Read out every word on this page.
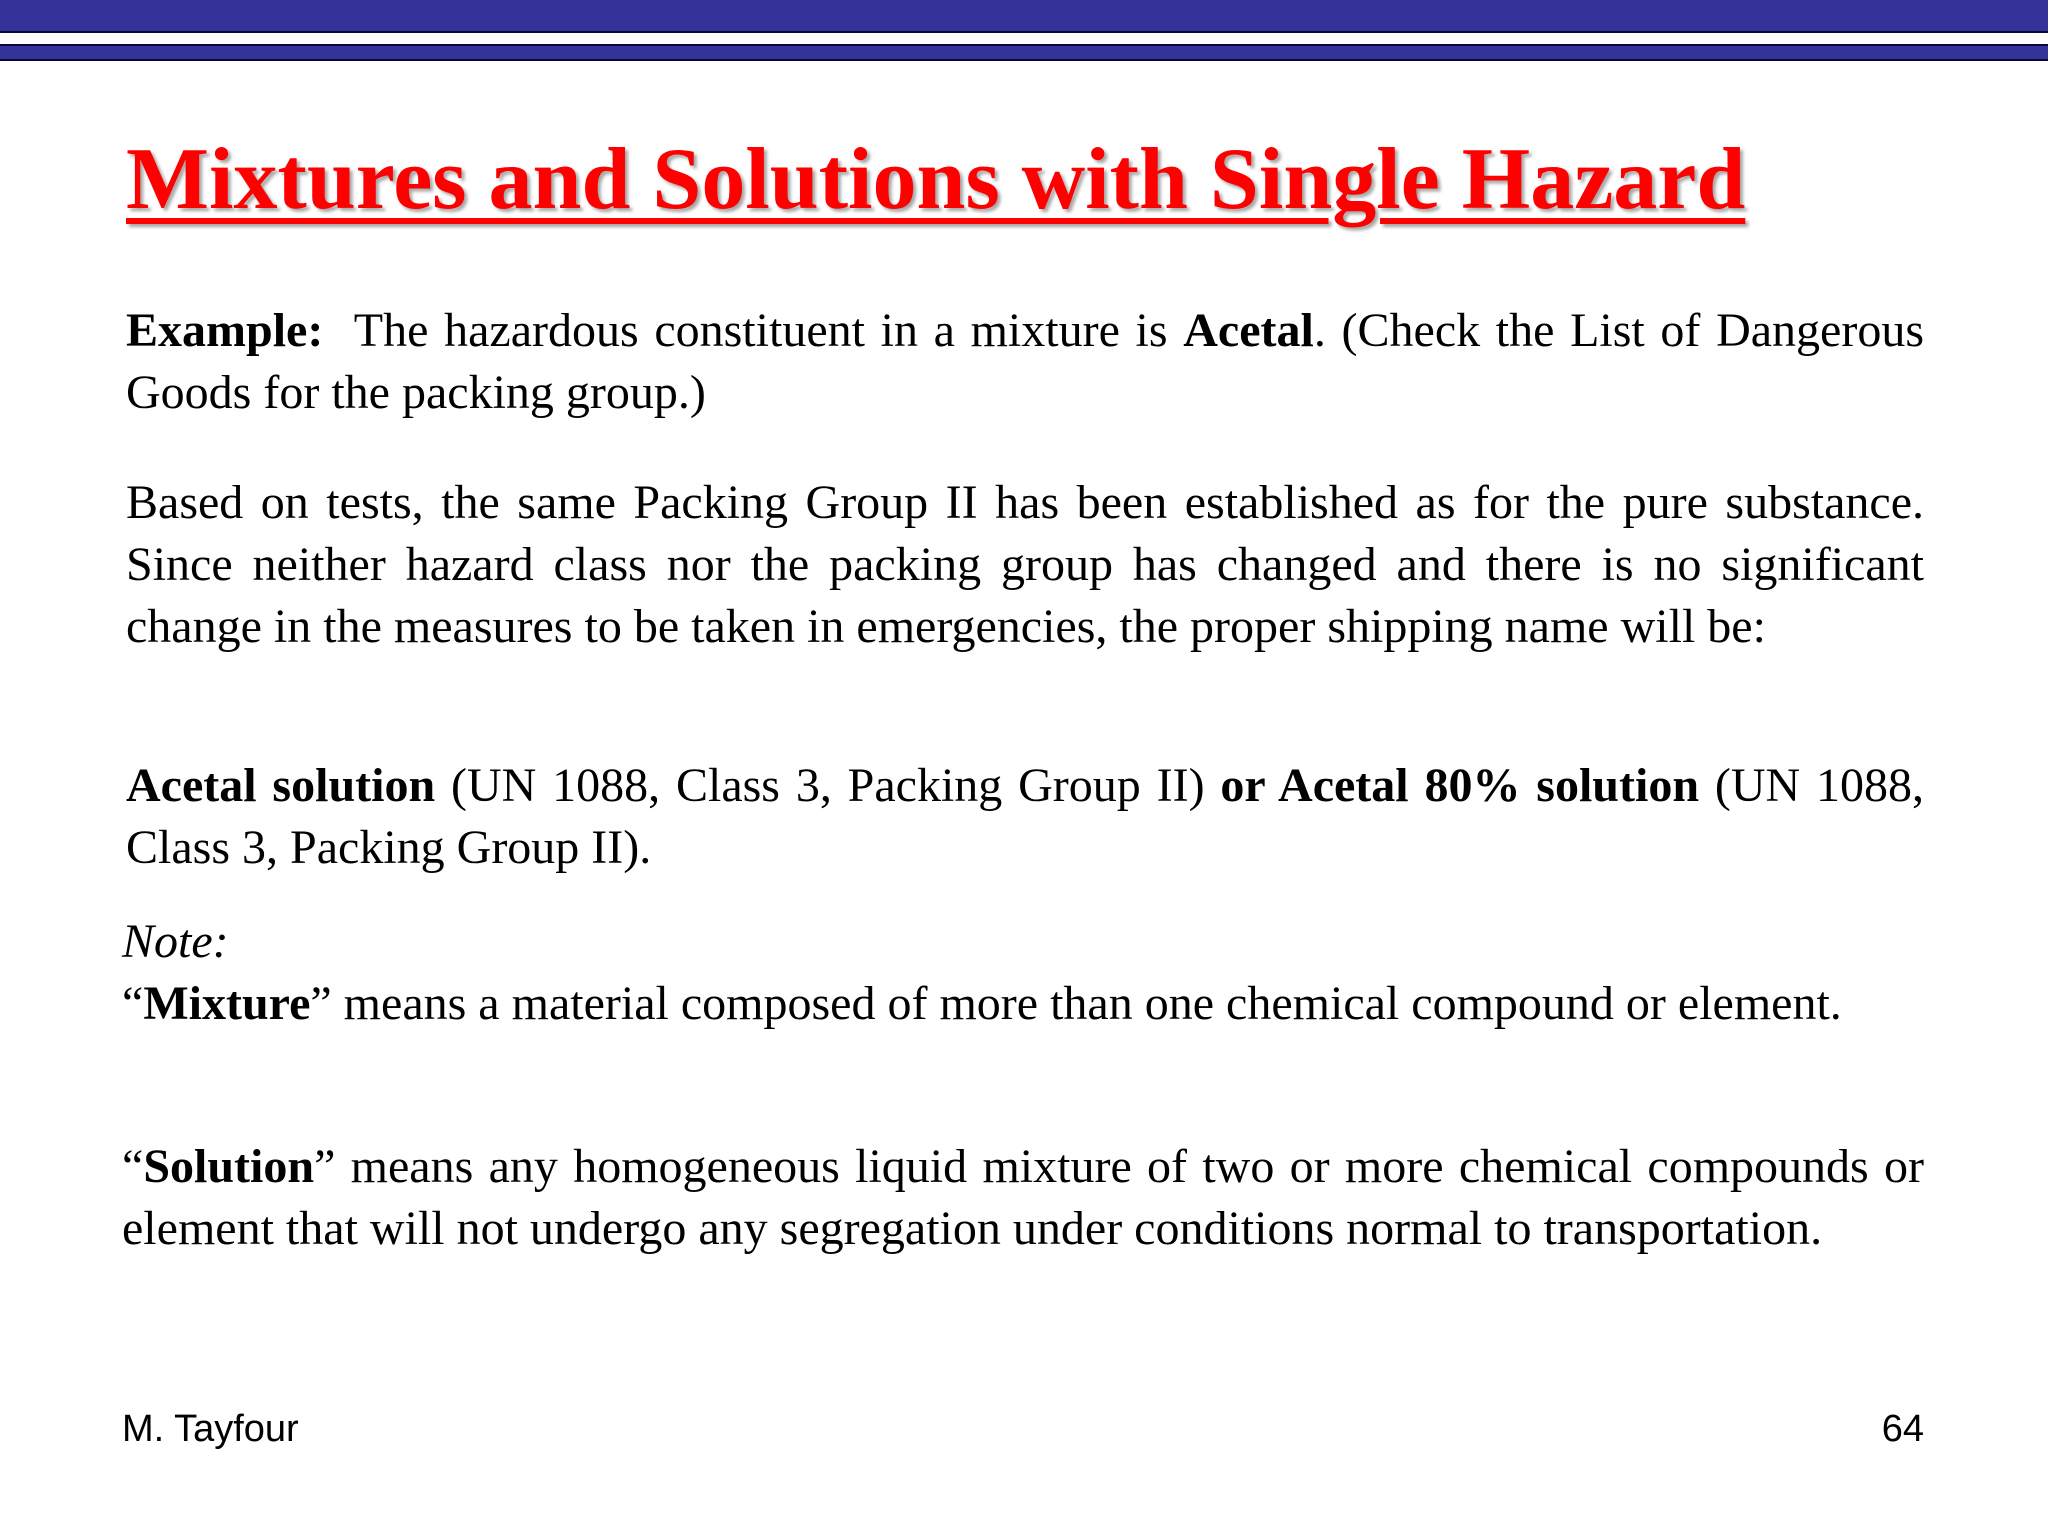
Mixtures and Solutions with Single Hazard

Example:  The hazardous constituent in a mixture is Acetal. (Check the List of Dangerous Goods for the packing group.)

Based on tests, the same Packing Group II has been established as for the pure substance. Since neither hazard class nor the packing group has changed and there is no significant change in the measures to be taken in emergencies, the proper shipping name will be:

Acetal solution (UN 1088, Class 3, Packing Group II) or Acetal 80% solution (UN 1088, Class 3, Packing Group II).

Note:

“Mixture” means a material composed of more than one chemical compound or element.

“Solution” means any homogeneous liquid mixture of two or more chemical compounds or element that will not undergo any segregation under conditions normal to transportation.

M. Tayfour	64
